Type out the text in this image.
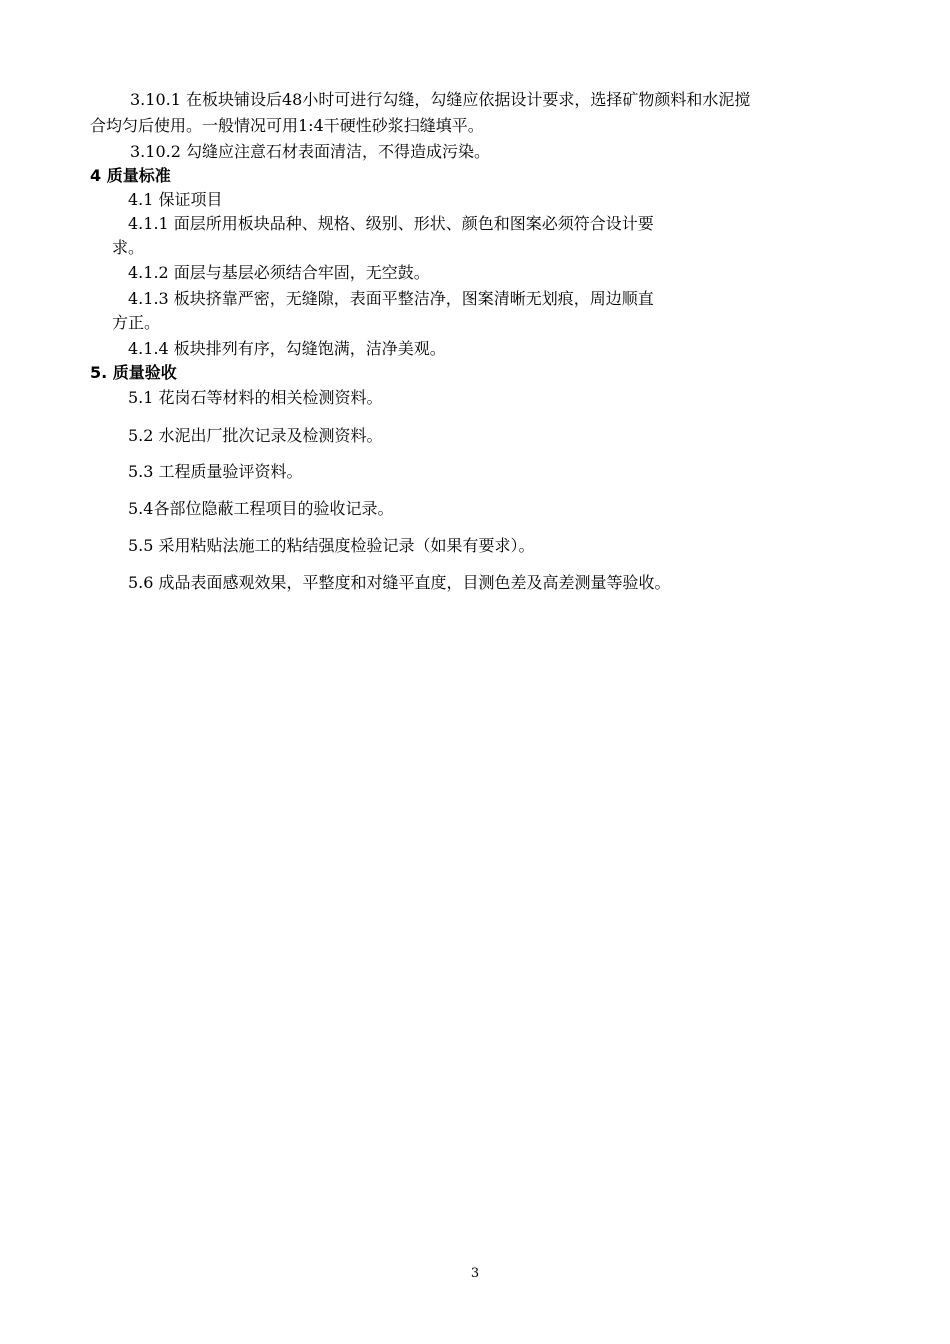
3.10.1 在板块铺设后48小时可进行勾缝，勾缝应依据设计要求，选择矿物颜料和水泥搅
合均匀后使用。一般情况可用1:4干硬性砂浆扫缝填平。
3.10.2 勾缝应注意石材表面清洁，不得造成污染。
4 质量标准
4.1 保证项目
4.1.1 面层所用板块品种、规格、级别、形状、颜色和图案必须符合设计要
求。
4.1.2 面层与基层必须结合牢固，无空鼓。
4.1.3 板块挤靠严密，无缝隙，表面平整洁净，图案清晰无划痕，周边顺直
方正。
4.1.4 板块排列有序，勾缝饱满，洁净美观。
5. 质量验收
5.1 花岗石等材料的相关检测资料。
5.2 水泥出厂批次记录及检测资料。
5.3 工程质量验评资料。
5.4各部位隐蔽工程项目的验收记录。
5.5 采用粘贴法施工的粘结强度检验记录（如果有要求）。
5.6 成品表面感观效果，平整度和对缝平直度，目测色差及高差测量等验收。
3
